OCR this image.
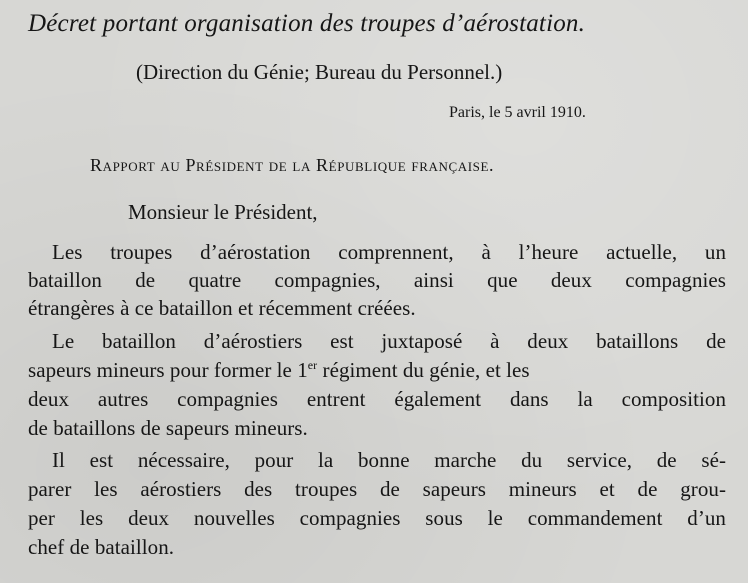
Décret portant organisation des troupes d’aérostation.

(Direction du Génie; Bureau du Personnel.)

Paris, le 5 avril 1910.

Rapport au Président de la République française.

Monsieur le Président,

Les troupes d’aérostation comprennent, à l’heure actuelle, un

bataillon de quatre compagnies, ainsi que deux compagnies

étrangères à ce bataillon et récemment créées.

Le bataillon d’aérostiers est juxtaposé à deux bataillons de

sapeurs mineurs pour former le 1er régiment du génie, et les

deux autres compagnies entrent également dans la composition

de bataillons de sapeurs mineurs.

Il est nécessaire, pour la bonne marche du service, de sé-

parer les aérostiers des troupes de sapeurs mineurs et de grou-

per les deux nouvelles compagnies sous le commandement d’un

chef de bataillon.
